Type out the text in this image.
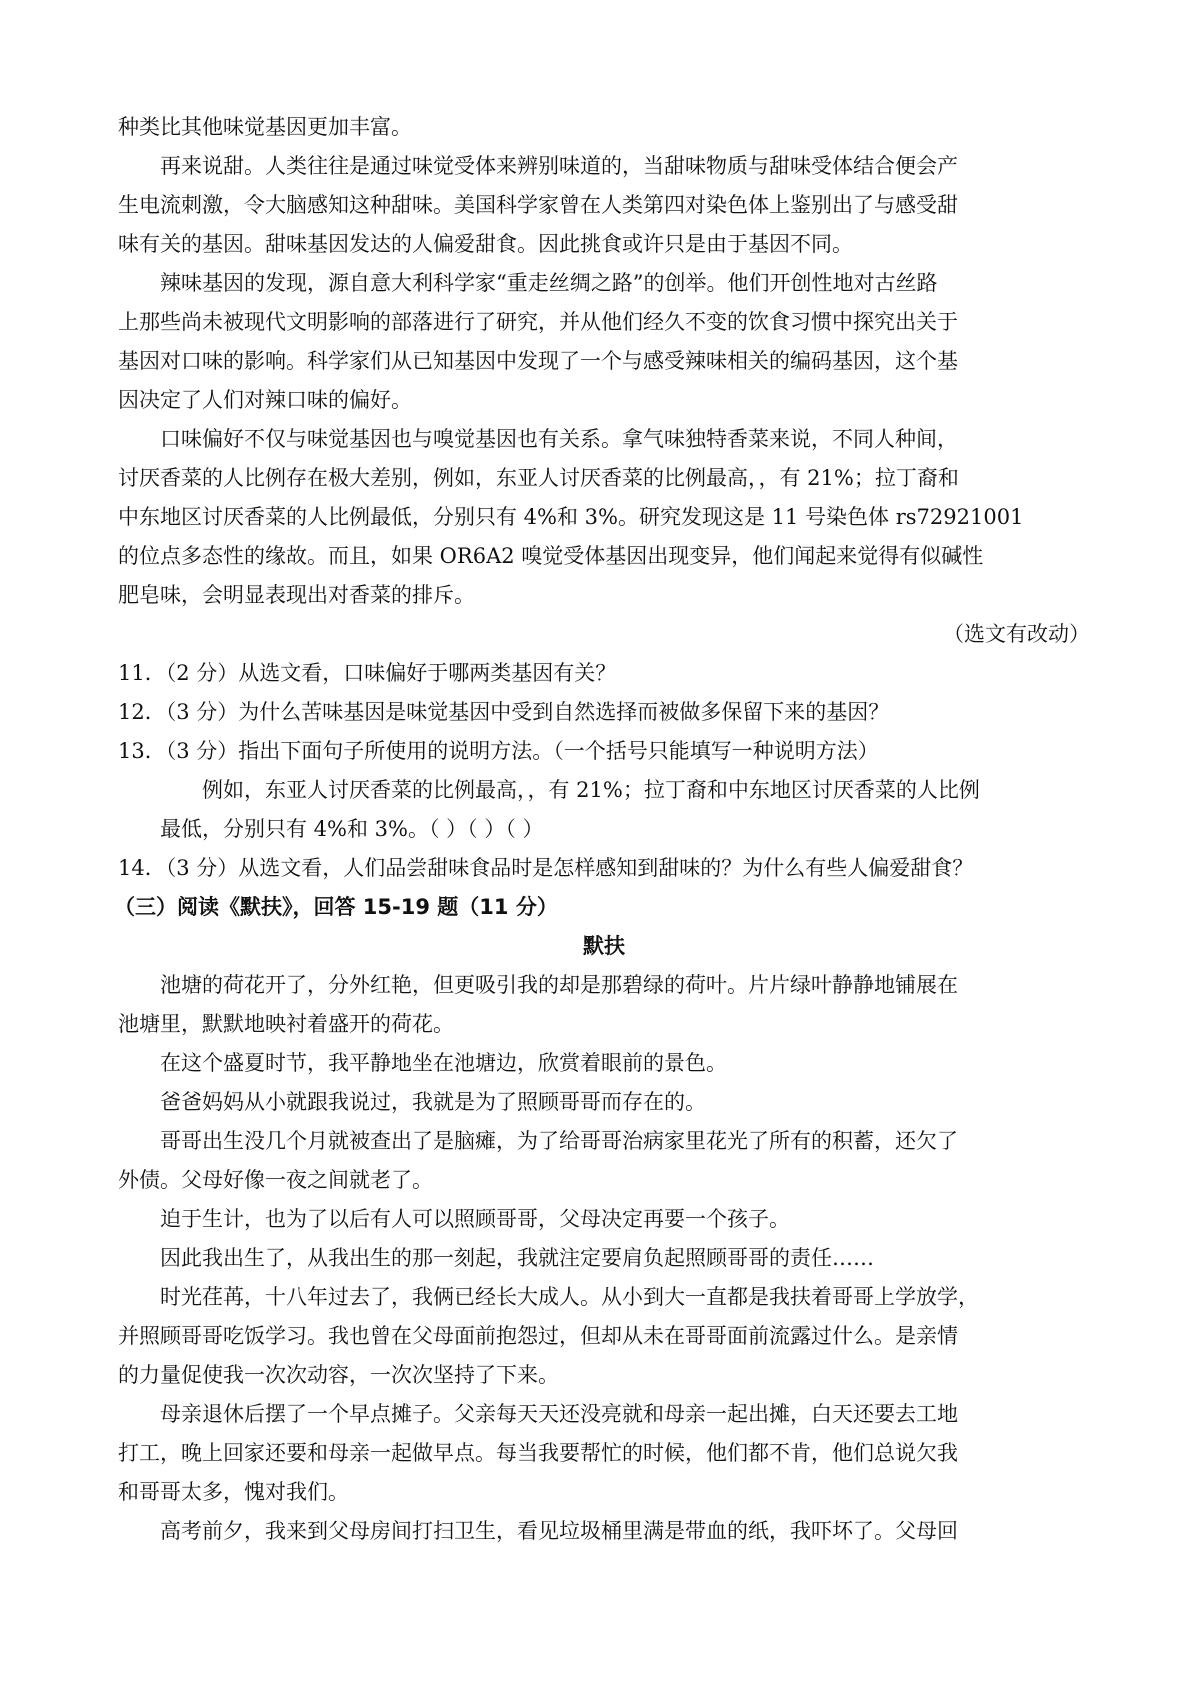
种类比其他味觉基因更加丰富。
再来说甜。人类往往是通过味觉受体来辨别味道的，当甜味物质与甜味受体结合便会产
生电流刺激，令大脑感知这种甜味。美国科学家曾在人类第四对染色体上鉴别出了与感受甜
味有关的基因。甜味基因发达的人偏爱甜食。因此挑食或许只是由于基因不同。
辣味基因的发现，源自意大利科学家“重走丝绸之路”的创举。他们开创性地对古丝路
上那些尚未被现代文明影响的部落进行了研究，并从他们经久不变的饮食习惯中探究出关于
基因对口味的影响。科学家们从已知基因中发现了一个与感受辣味相关的编码基因，这个基
因决定了人们对辣口味的偏好。
口味偏好不仅与味觉基因也与嗅觉基因也有关系。拿气味独特香菜来说，不同人种间，
讨厌香菜的人比例存在极大差别，例如，东亚人讨厌香菜的比例最高，，有 21%；拉丁裔和
中东地区讨厌香菜的人比例最低，分别只有 4%和 3%。研究发现这是 11 号染色体 rs72921001
的位点多态性的缘故。而且，如果 OR6A2 嗅觉受体基因出现变异，他们闻起来觉得有似碱性
肥皂味，会明显表现出对香菜的排斥。
（选文有改动）
11．（2 分）从选文看，口味偏好于哪两类基因有关？
12．（3 分）为什么苦味基因是味觉基因中受到自然选择而被做多保留下来的基因？
13．（3 分）指出下面句子所使用的说明方法。（一个括号只能填写一种说明方法）
例如，东亚人讨厌香菜的比例最高，，有 21%；拉丁裔和中东地区讨厌香菜的人比例
最低，分别只有 4%和 3%。（ ）（ ）（ ）
14．（3 分）从选文看，人们品尝甜味食品时是怎样感知到甜味的？为什么有些人偏爱甜食？
（三）阅读《默扶》，回答 15-19 题（11 分）
默扶
池塘的荷花开了，分外红艳，但更吸引我的却是那碧绿的荷叶。片片绿叶静静地铺展在
池塘里，默默地映衬着盛开的荷花。
在这个盛夏时节，我平静地坐在池塘边，欣赏着眼前的景色。
爸爸妈妈从小就跟我说过，我就是为了照顾哥哥而存在的。
哥哥出生没几个月就被查出了是脑瘫，为了给哥哥治病家里花光了所有的积蓄，还欠了
外债。父母好像一夜之间就老了。
迫于生计，也为了以后有人可以照顾哥哥，父母决定再要一个孩子。
因此我出生了，从我出生的那一刻起，我就注定要肩负起照顾哥哥的责任……
时光荏苒，十八年过去了，我俩已经长大成人。从小到大一直都是我扶着哥哥上学放学，
并照顾哥哥吃饭学习。我也曾在父母面前抱怨过，但却从未在哥哥面前流露过什么。是亲情
的力量促使我一次次动容，一次次坚持了下来。
母亲退休后摆了一个早点摊子。父亲每天天还没亮就和母亲一起出摊，白天还要去工地
打工，晚上回家还要和母亲一起做早点。每当我要帮忙的时候，他们都不肯，他们总说欠我
和哥哥太多，愧对我们。
高考前夕，我来到父母房间打扫卫生，看见垃圾桶里满是带血的纸，我吓坏了。父母回
